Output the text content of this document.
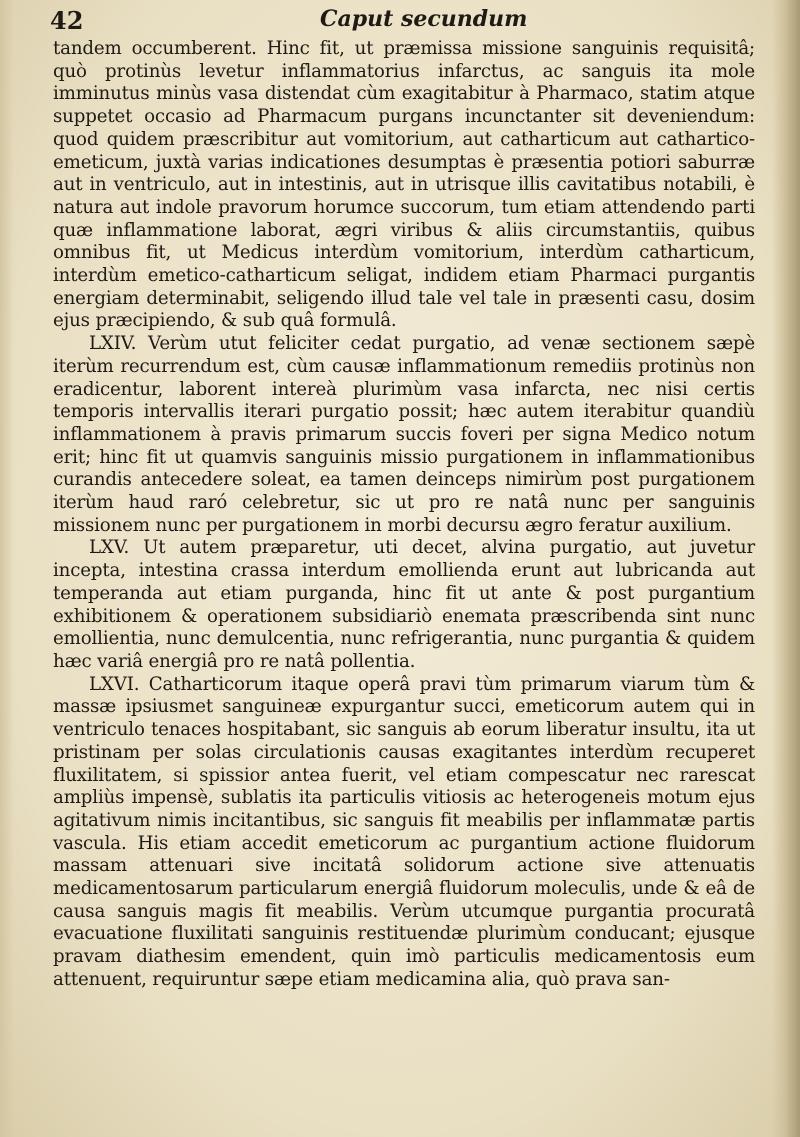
42	Caput secundum

tandem occumberent. Hinc fit, ut præmissa missione sanguinis requisitâ; quò protinùs levetur inflammatorius infarctus, ac sanguis ita mole imminutus minùs vasa distendat cùm exagitabitur à Pharmaco, statim atque suppetet occasio ad Pharmacum purgans incunctanter sit deveniendum: quod quidem præscribitur aut vomitorium, aut catharticum aut cathartico-emeticum, juxtà varias indicationes desumptas è præsentia potiori saburræ aut in ventriculo, aut in intestinis, aut in utrisque illis cavitatibus notabili, è natura aut indole pravorum horumce succorum, tum etiam attendendo parti quæ inflammatione laborat, ægri viribus & aliis circumstantiis, quibus omnibus fit, ut Medicus interdùm vomitorium, interdùm catharticum, interdùm emetico-catharticum seligat, indidem etiam Pharmaci purgantis energiam determinabit, seligendo illud tale vel tale in præsenti casu, dosim ejus præcipiendo, & sub quâ formulâ.

LXIV. Verùm utut feliciter cedat purgatio, ad venæ sectionem sæpè iterùm recurrendum est, cùm causæ inflammationum remediis protinùs non eradicentur, laborent intereà plurimùm vasa infarcta, nec nisi certis temporis intervallis iterari purgatio possit; hæc autem iterabitur quandiù inflammationem à pravis primarum succis foveri per signa Medico notum erit; hinc fit ut quamvis sanguinis missio purgationem in inflammationibus curandis antecedere soleat, ea tamen deinceps nimirùm post purgationem iterùm haud raró celebretur, sic ut pro re natâ nunc per sanguinis missionem nunc per purgationem in morbi decursu ægro feratur auxilium.

LXV. Ut autem præparetur, uti decet, alvina purgatio, aut juvetur incepta, intestina crassa interdum emollienda erunt aut lubricanda aut temperanda aut etiam purganda, hinc fit ut ante & post purgantium exhibitionem & operationem subsidiariò enemata præscribenda sint nunc emollientia, nunc demulcentia, nunc refrigerantia, nunc purgantia & quidem hæc variâ energiâ pro re natâ pollentia.

LXVI. Catharticorum itaque operâ pravi tùm primarum viarum tùm & massæ ipsiusmet sanguineæ expurgantur succi, emeticorum autem qui in ventriculo tenaces hospitabant, sic sanguis ab eorum liberatur insultu, ita ut pristinam per solas circulationis causas exagitantes interdùm recuperet fluxilitatem, si spissior antea fuerit, vel etiam compescatur nec rarescat ampliùs impensè, sublatis ita particulis vitiosis ac heterogeneis motum ejus agitativum nimis incitantibus, sic sanguis fit meabilis per inflammatæ partis vascula. His etiam accedit emeticorum ac purgantium actione fluidorum massam attenuari sive incitatâ solidorum actione sive attenuatis medicamentosarum particularum energiâ fluidorum moleculis, unde & eâ de causa sanguis magis fit meabilis. Verùm utcumque purgantia procuratâ evacuatione fluxilitati sanguinis restituendæ plurimùm conducant; ejusque pravam diathesim emendent, quin imò particulis medicamentosis eum attenuent, requiruntur sæpe etiam medicamina alia, quò prava san-
